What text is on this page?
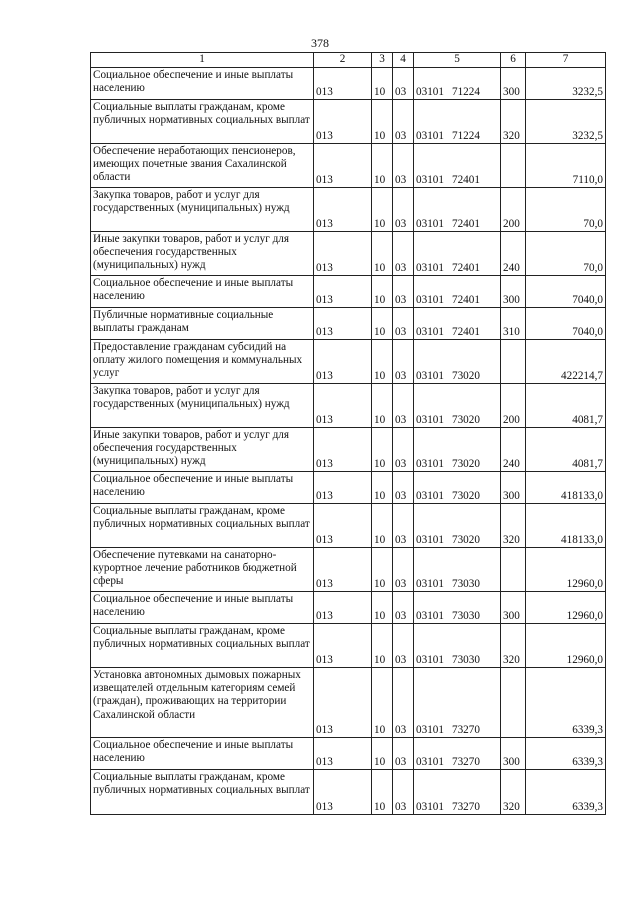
378
1	2	3	4	5	6	7
Социальное обеспечение и иные выплаты населению	013	10	03	03101 71224	300	3232,5
Социальные выплаты гражданам, кроме публичных нормативных социальных выплат	013	10	03	03101 71224	320	3232,5
Обеспечение неработающих пенсионеров, имеющих почетные звания Сахалинской области	013	10	03	03101 72401		7110,0
Закупка товаров, работ и услуг для государственных (муниципальных) нужд	013	10	03	03101 72401	200	70,0
Иные закупки товаров, работ и услуг для обеспечения государственных (муниципальных) нужд	013	10	03	03101 72401	240	70,0
Социальное обеспечение и иные выплаты населению	013	10	03	03101 72401	300	7040,0
Публичные нормативные социальные выплаты гражданам	013	10	03	03101 72401	310	7040,0
Предоставление гражданам субсидий на оплату жилого помещения и коммунальных услуг	013	10	03	03101 73020		422214,7
Закупка товаров, работ и услуг для государственных (муниципальных) нужд	013	10	03	03101 73020	200	4081,7
Иные закупки товаров, работ и услуг для обеспечения государственных (муниципальных) нужд	013	10	03	03101 73020	240	4081,7
Социальное обеспечение и иные выплаты населению	013	10	03	03101 73020	300	418133,0
Социальные выплаты гражданам, кроме публичных нормативных социальных выплат	013	10	03	03101 73020	320	418133,0
Обеспечение путевками на санаторно-курортное лечение работников бюджетной сферы	013	10	03	03101 73030		12960,0
Социальное обеспечение и иные выплаты населению	013	10	03	03101 73030	300	12960,0
Социальные выплаты гражданам, кроме публичных нормативных социальных выплат	013	10	03	03101 73030	320	12960,0
Установка автономных дымовых пожарных извещателей отдельным категориям семей (граждан), проживающих на территории Сахалинской области	013	10	03	03101 73270		6339,3
Социальное обеспечение и иные выплаты населению	013	10	03	03101 73270	300	6339,3
Социальные выплаты гражданам, кроме публичных нормативных социальных выплат	013	10	03	03101 73270	320	6339,3
